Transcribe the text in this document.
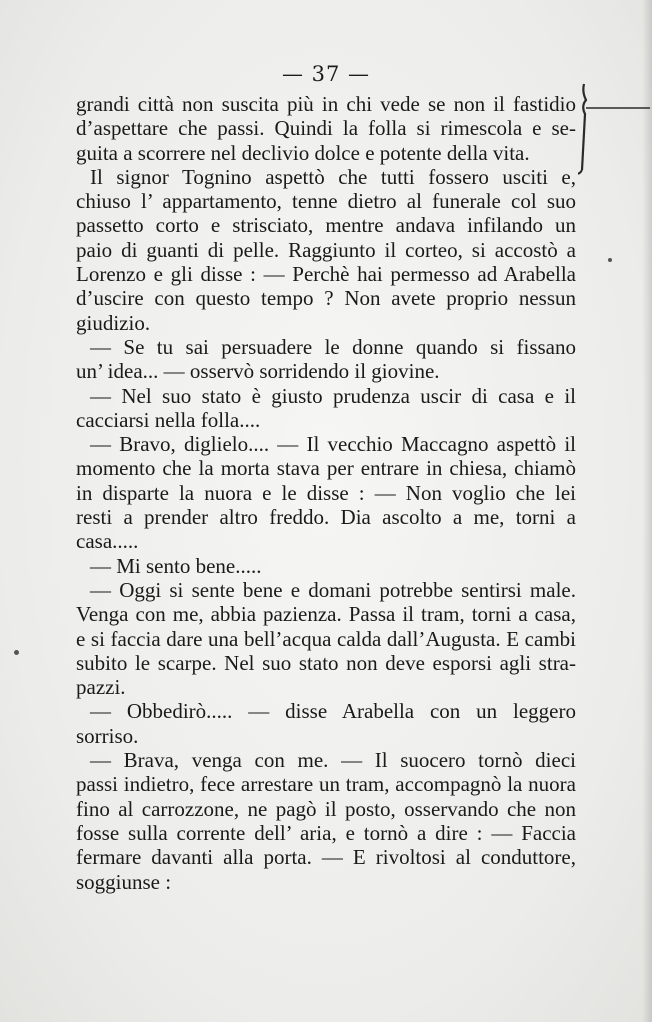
— 37 —
grandi città non suscita più in chi vede se non il fastidio
d’aspettare che passi. Quindi la folla si rimescola e se-
guita a scorrere nel declivio dolce e potente della vita.
Il signor Tognino aspettò che tutti fossero usciti e,
chiuso l’ appartamento, tenne dietro al funerale col suo
passetto corto e strisciato, mentre andava infilando un
paio di guanti di pelle. Raggiunto il corteo, si accostò a
Lorenzo e gli disse : — Perchè hai permesso ad Arabella
d’uscire con questo tempo ? Non avete proprio nessun
giudizio.
— Se tu sai persuadere le donne quando si fissano
un’ idea... — osservò sorridendo il giovine.
— Nel suo stato è giusto prudenza uscir di casa e il
cacciarsi nella folla....
— Bravo, diglielo.... — Il vecchio Maccagno aspettò il
momento che la morta stava per entrare in chiesa, chiamò
in disparte la nuora e le disse : — Non voglio che lei
resti a prender altro freddo. Dia ascolto a me, torni a
casa.....
— Mi sento bene.....
— Oggi si sente bene e domani potrebbe sentirsi male.
Venga con me, abbia pazienza. Passa il tram, torni a casa,
e si faccia dare una bell’acqua calda dall’Augusta. E cambi
subito le scarpe. Nel suo stato non deve esporsi agli stra-
pazzi.
— Obbedirò..... — disse Arabella con un leggero
sorriso.
— Brava, venga con me. — Il suocero tornò dieci
passi indietro, fece arrestare un tram, accompagnò la nuora
fino al carrozzone, ne pagò il posto, osservando che non
fosse sulla corrente dell’ aria, e tornò a dire : — Faccia
fermare davanti alla porta. — E rivoltosi al conduttore,
soggiunse :
